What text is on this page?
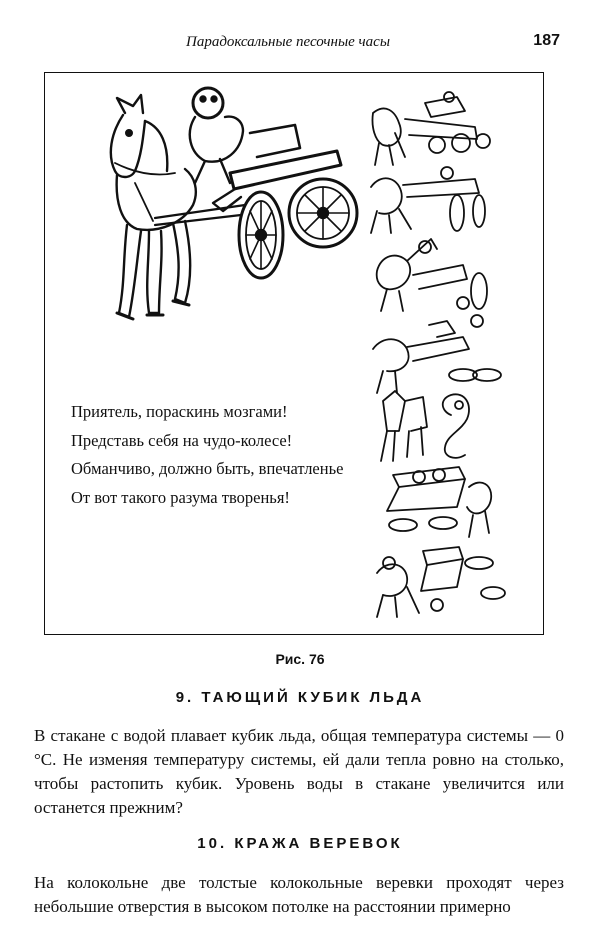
Парадоксальные песочные часы	187
Приятель, пораскинь мозгами!
Представь себя на чудо-колесе!
Обманчиво, должно быть, впечатленье
От вот такого разума творенья!
Рис. 76
9. ТАЮЩИЙ КУБИК ЛЬДА
В стакане с водой плавает кубик льда, общая температура системы — 0 °С. Не изменяя температуру системы, ей дали тепла ровно на столько, чтобы растопить кубик. Уровень воды в стакане увеличится или останется прежним?
10. КРАЖА ВЕРЕВОК
На колокольне две толстые колокольные веревки проходят через небольшие отверстия в высоком потолке на расстоянии примерно
